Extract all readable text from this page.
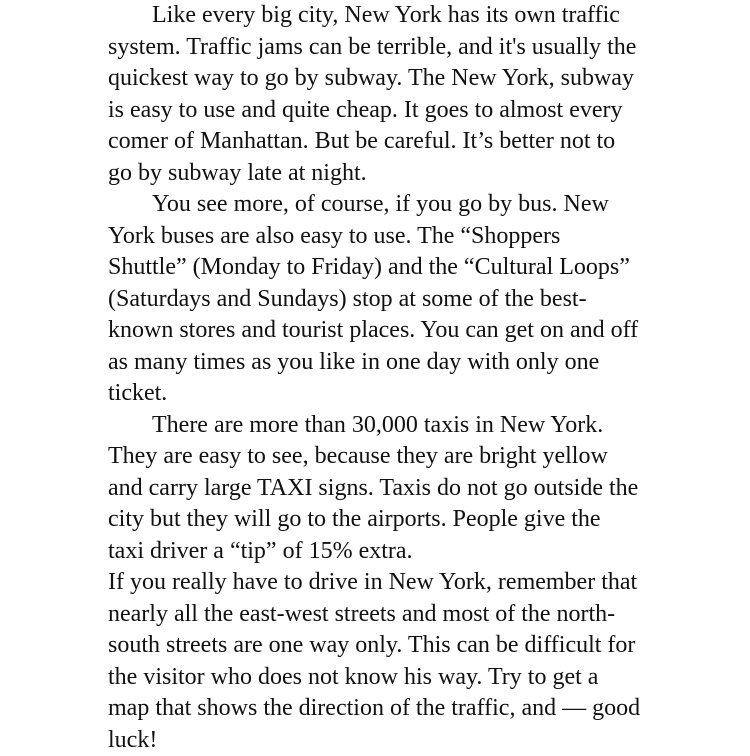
Like every big city, New York has its own traffic
system. Traffic jams can be terrible, and it's usually the
quickest way to go by subway. The New York, subway
is easy to use and quite cheap. It goes to almost every
comer of Manhattan. But be careful. It’s better not to
go by subway late at night.

You see more, of course, if you go by bus. New
York buses are also easy to use. The “Shoppers
Shuttle” (Monday to Friday) and the “Cultural Loops”
(Saturdays and Sundays) stop at some of the best-
known stores and tourist places. You can get on and off
as many times as you like in one day with only one
ticket.

There are more than 30,000 taxis in New York.
They are easy to see, because they are bright yellow
and carry large TAXI signs. Taxis do not go outside the
city but they will go to the airports. People give the
taxi driver a “tip” of 15% extra.

If you really have to drive in New York, remember that
nearly all the east-west streets and most of the north-
south streets are one way only. This can be difficult for
the visitor who does not know his way. Try to get a
map that shows the direction of the traffic, and — good
luck!
